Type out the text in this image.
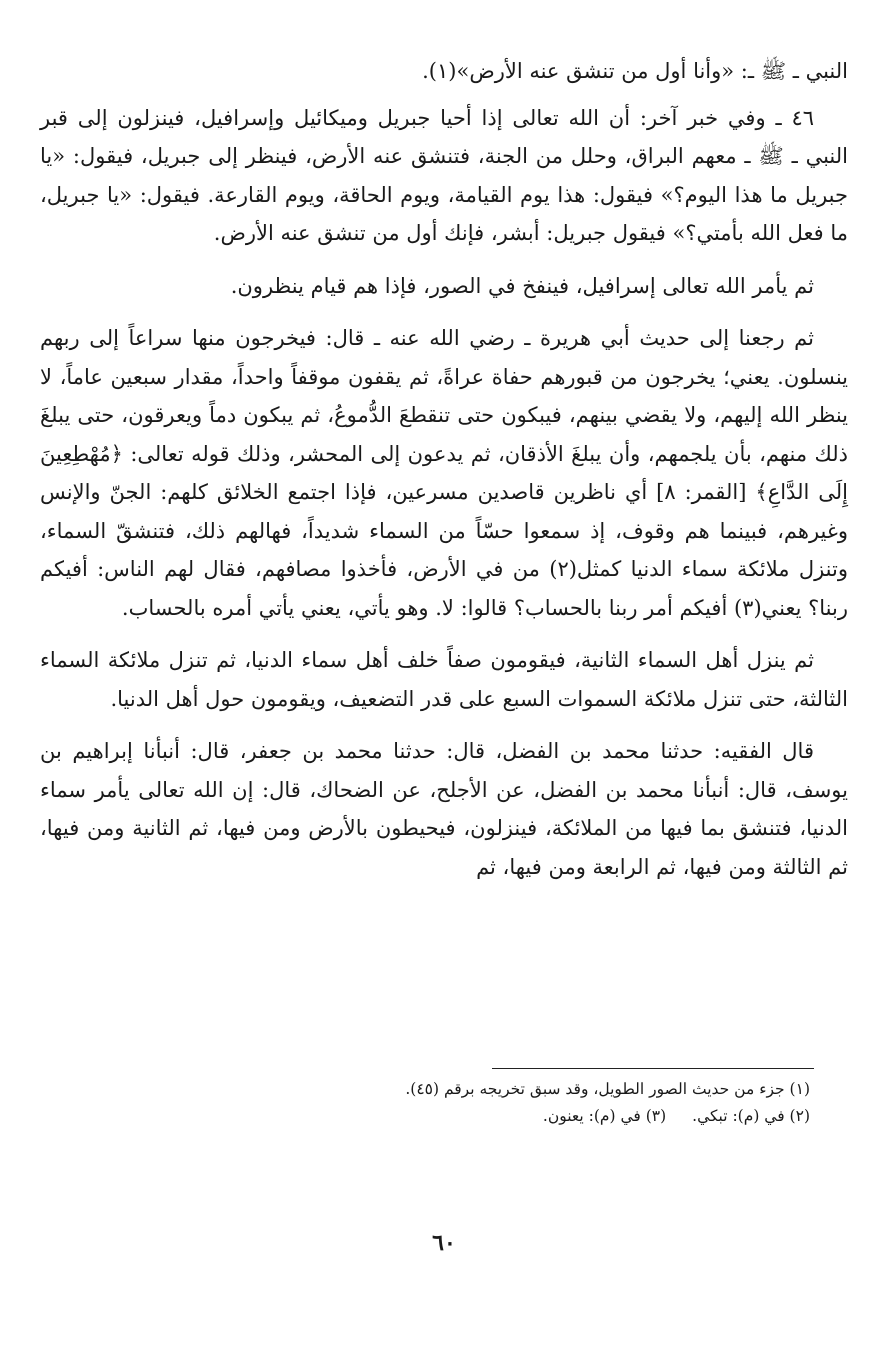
النبي ـ ﷺ ـ: «وأنا أول من تنشق عنه الأرض»(١).

٤٦ ـ وفي خبر آخر: أن الله تعالى إذا أحيا جبريل وميكائيل وإسرافيل، فينزلون إلى قبر النبي ـ ﷺ ـ معهم البراق، وحلل من الجنة، فتنشق عنه الأرض، فينظر إلى جبريل، فيقول: «يا جبريل ما هذا اليوم؟» فيقول: هذا يوم القيامة، ويوم الحاقة، ويوم القارعة. فيقول: «يا جبريل، ما فعل الله بأمتي؟» فيقول جبريل: أبشر، فإنك أول من تنشق عنه الأرض.

ثم يأمر الله تعالى إسرافيل، فينفخ في الصور، فإذا هم قيام ينظرون.

ثم رجعنا إلى حديث أبي هريرة ـ رضي الله عنه ـ قال: فيخرجون منها سراعاً إلى ربهم ينسلون. يعني؛ يخرجون من قبورهم حفاة عراةً، ثم يقفون موقفاً واحداً، مقدار سبعين عاماً، لا ينظر الله إليهم، ولا يقضي بينهم، فيبكون حتى تنقطعَ الدُّموعُ، ثم يبكون دماً ويعرقون، حتى يبلغَ ذلك منهم، بأن يلجمهم، وأن يبلغَ الأذقان، ثم يدعون إلى المحشر، وذلك قوله تعالى: ﴿مُهْطِعِينَ إِلَى الدَّاعِ﴾ [القمر: ٨] أي ناظرين قاصدين مسرعين، فإذا اجتمع الخلائق كلهم: الجنّ والإنس وغيرهم، فبينما هم وقوف، إذ سمعوا حسّاً من السماء شديداً، فهالهم ذلك، فتنشقّ السماء، وتنزل ملائكة سماء الدنيا كمثل(٢) من في الأرض، فأخذوا مصافهم، فقال لهم الناس: أفيكم ربنا؟ يعني(٣) أفيكم أمر ربنا بالحساب؟ قالوا: لا. وهو يأتي، يعني يأتي أمره بالحساب.

ثم ينزل أهل السماء الثانية، فيقومون صفاً خلف أهل سماء الدنيا، ثم تنزل ملائكة السماء الثالثة، حتى تنزل ملائكة السموات السبع على قدر التضعيف، ويقومون حول أهل الدنيا.

قال الفقيه: حدثنا محمد بن الفضل، قال: حدثنا محمد بن جعفر، قال: أنبأنا إبراهيم بن يوسف، قال: أنبأنا محمد بن الفضل، عن الأجلح، عن الضحاك، قال: إن الله تعالى يأمر سماء الدنيا، فتنشق بما فيها من الملائكة، فينزلون، فيحيطون بالأرض ومن فيها، ثم الثانية ومن فيها، ثم الثالثة ومن فيها، ثم الرابعة ومن فيها، ثم

(١) جزء من حديث الصور الطويل، وقد سبق تخريجه برقم (٤٥).

(٢) في (م): تبكي.
(٣) في (م): يعنون.
٦٠
